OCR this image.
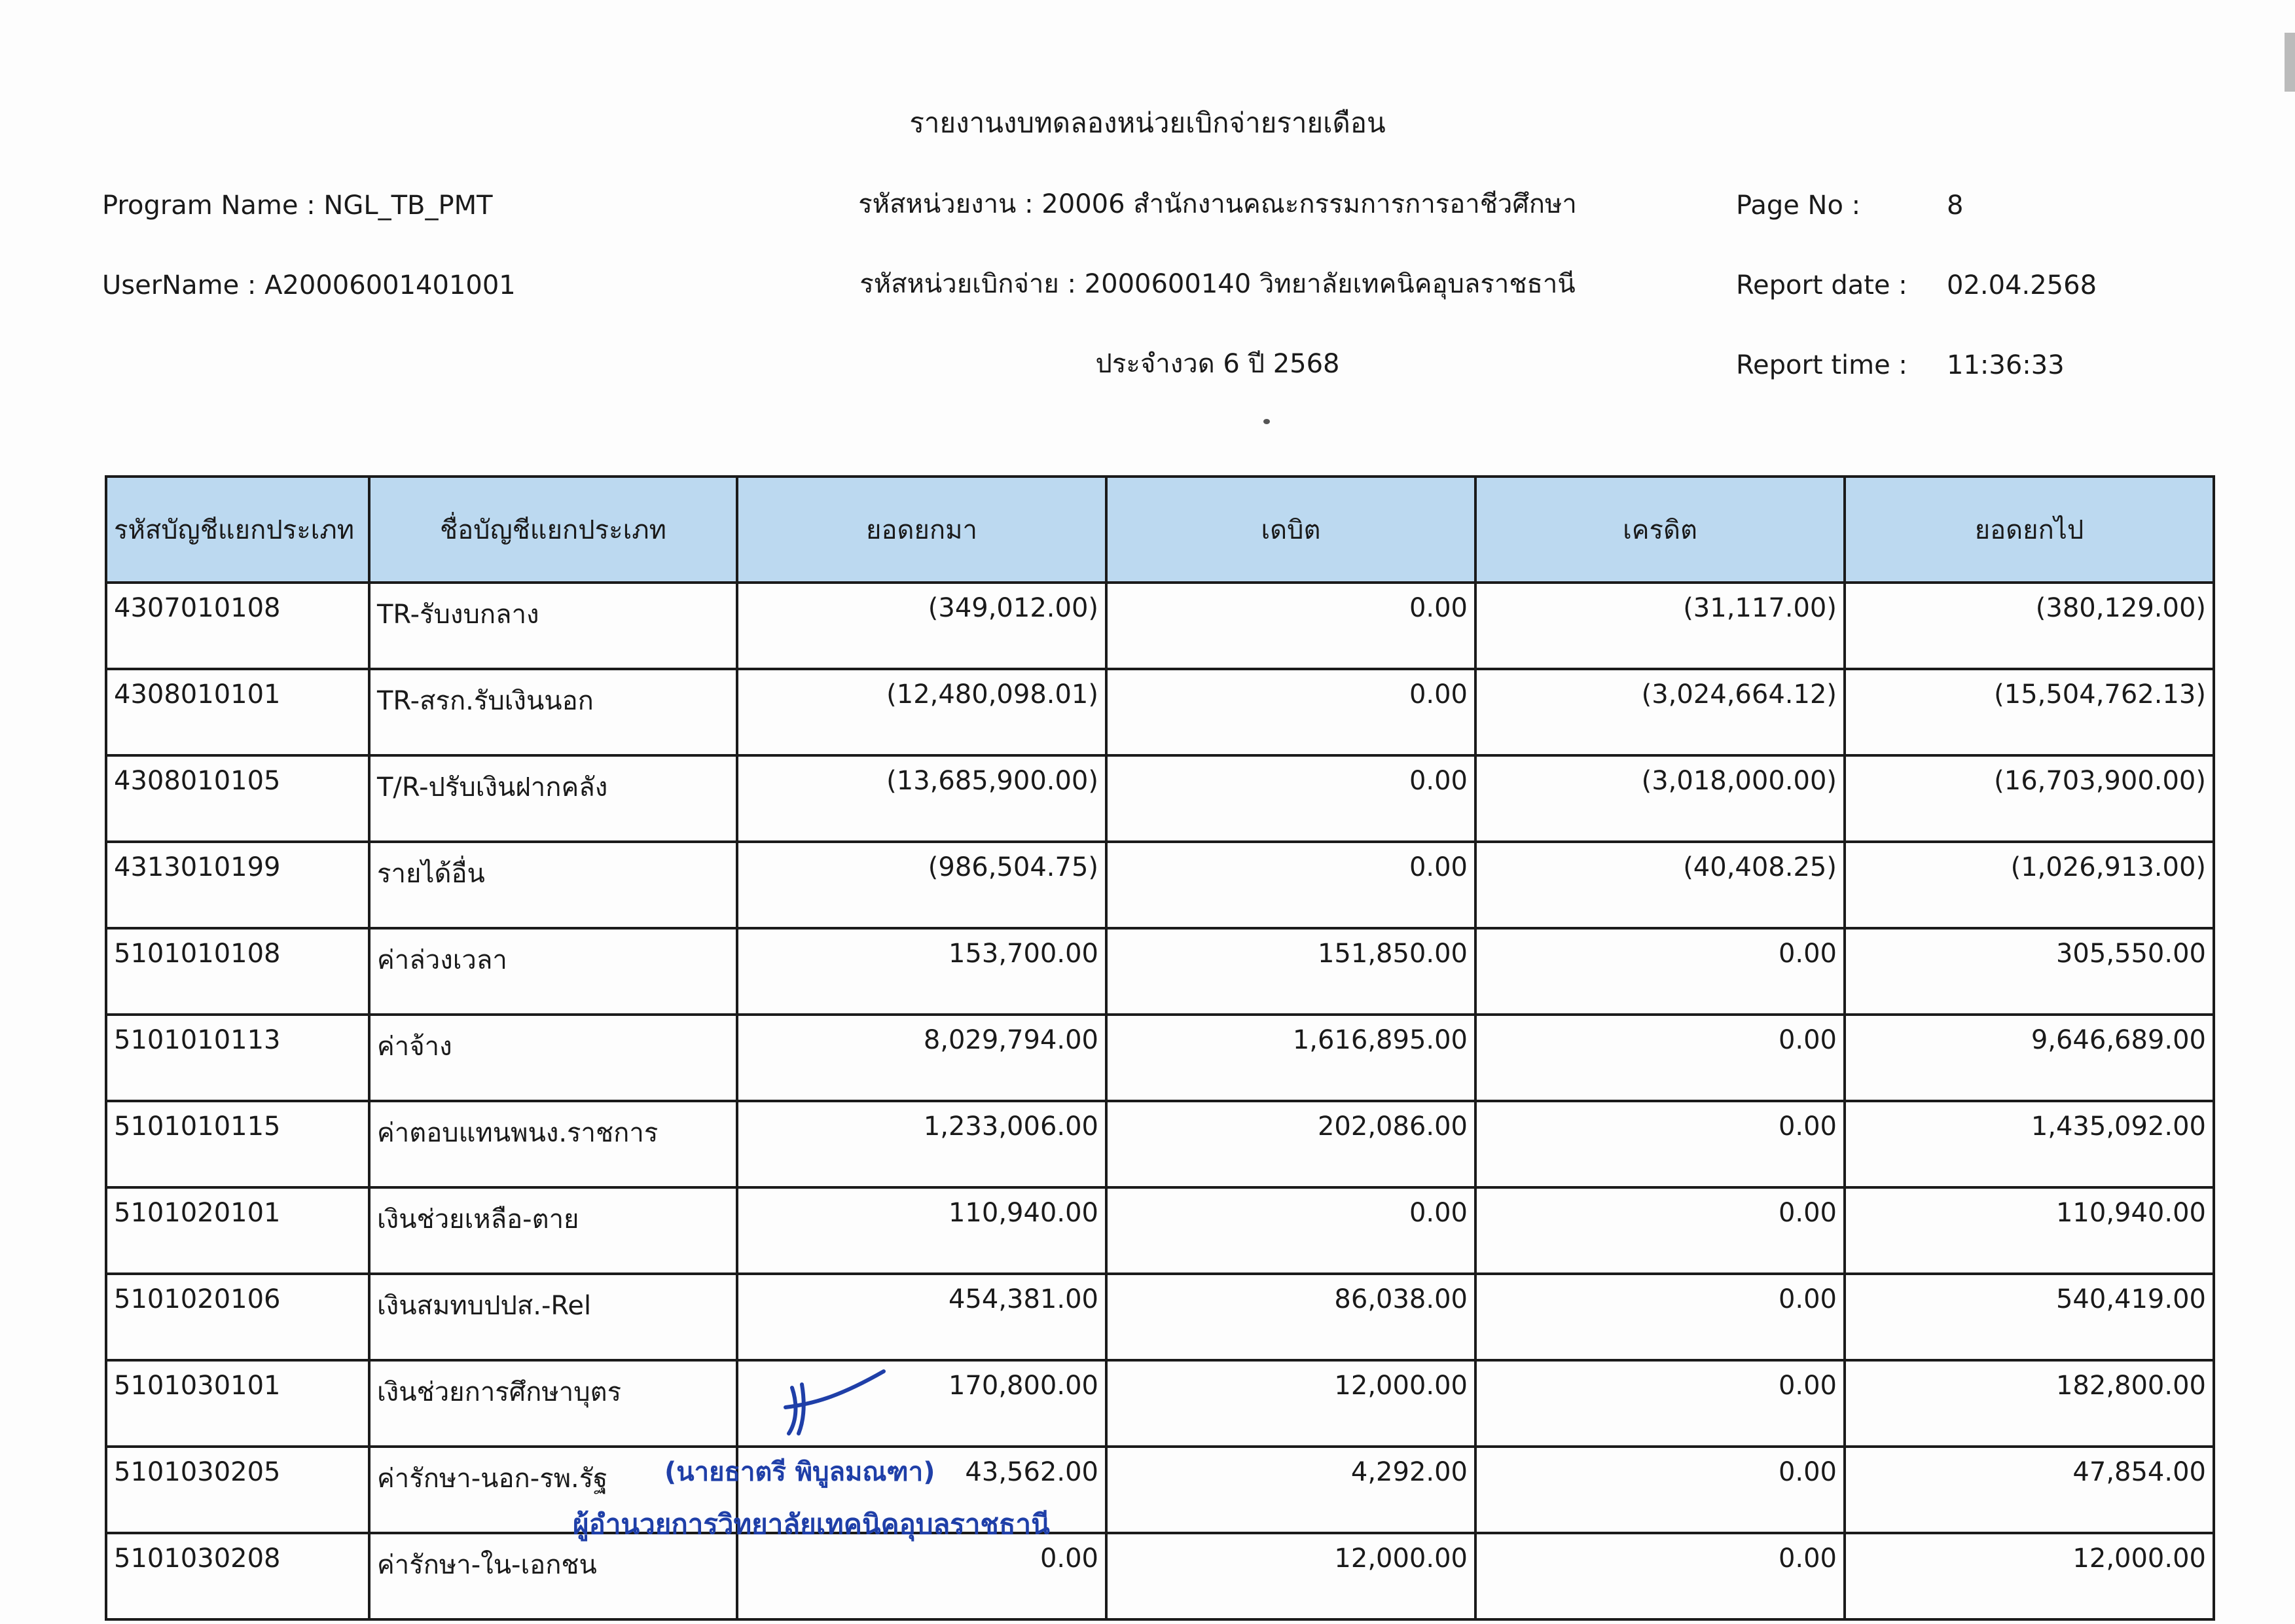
รายงานงบทดลองหน่วยเบิกจ่ายรายเดือน
Program Name : NGL_TB_PMT
UserName : A20006001401001
รหัสหน่วยงาน : 20006 สำนักงานคณะกรรมการการอาชีวศึกษา
รหัสหน่วยเบิกจ่าย : 2000600140 วิทยาลัยเทคนิคอุบลราชธานี
ประจำงวด 6 ปี 2568
Page No :	8
Report date : 02.04.2568
Report time : 11:36:33
รหัสบัญชีแยกประเภท	ชื่อบัญชีแยกประเภท	ยอดยกมา	เดบิต	เครดิต	ยอดยกไป
4307010108	TR-รับงบกลาง	(349,012.00)	0.00	(31,117.00)	(380,129.00)
4308010101	TR-สรก.รับเงินนอก	(12,480,098.01)	0.00	(3,024,664.12)	(15,504,762.13)
4308010105	T/R-ปรับเงินฝากคลัง	(13,685,900.00)	0.00	(3,018,000.00)	(16,703,900.00)
4313010199	รายได้อื่น	(986,504.75)	0.00	(40,408.25)	(1,026,913.00)
5101010108	ค่าล่วงเวลา	153,700.00	151,850.00	0.00	305,550.00
5101010113	ค่าจ้าง	8,029,794.00	1,616,895.00	0.00	9,646,689.00
5101010115	ค่าตอบแทนพนง.ราชการ	1,233,006.00	202,086.00	0.00	1,435,092.00
5101020101	เงินช่วยเหลือ-ตาย	110,940.00	0.00	0.00	110,940.00
5101020106	เงินสมทบปปส.-Rel	454,381.00	86,038.00	0.00	540,419.00
5101030101	เงินช่วยการศึกษาบุตร	170,800.00	12,000.00	0.00	182,800.00
5101030205	ค่ารักษา-นอก-รพ.รัฐ	43,562.00	4,292.00	0.00	47,854.00
5101030208	ค่ารักษา-ใน-เอกชน	0.00	12,000.00	0.00	12,000.00
(นายธาตรี พิบูลมณฑา)
ผู้อำนวยการวิทยาลัยเทคนิคอุบลราชธานี
